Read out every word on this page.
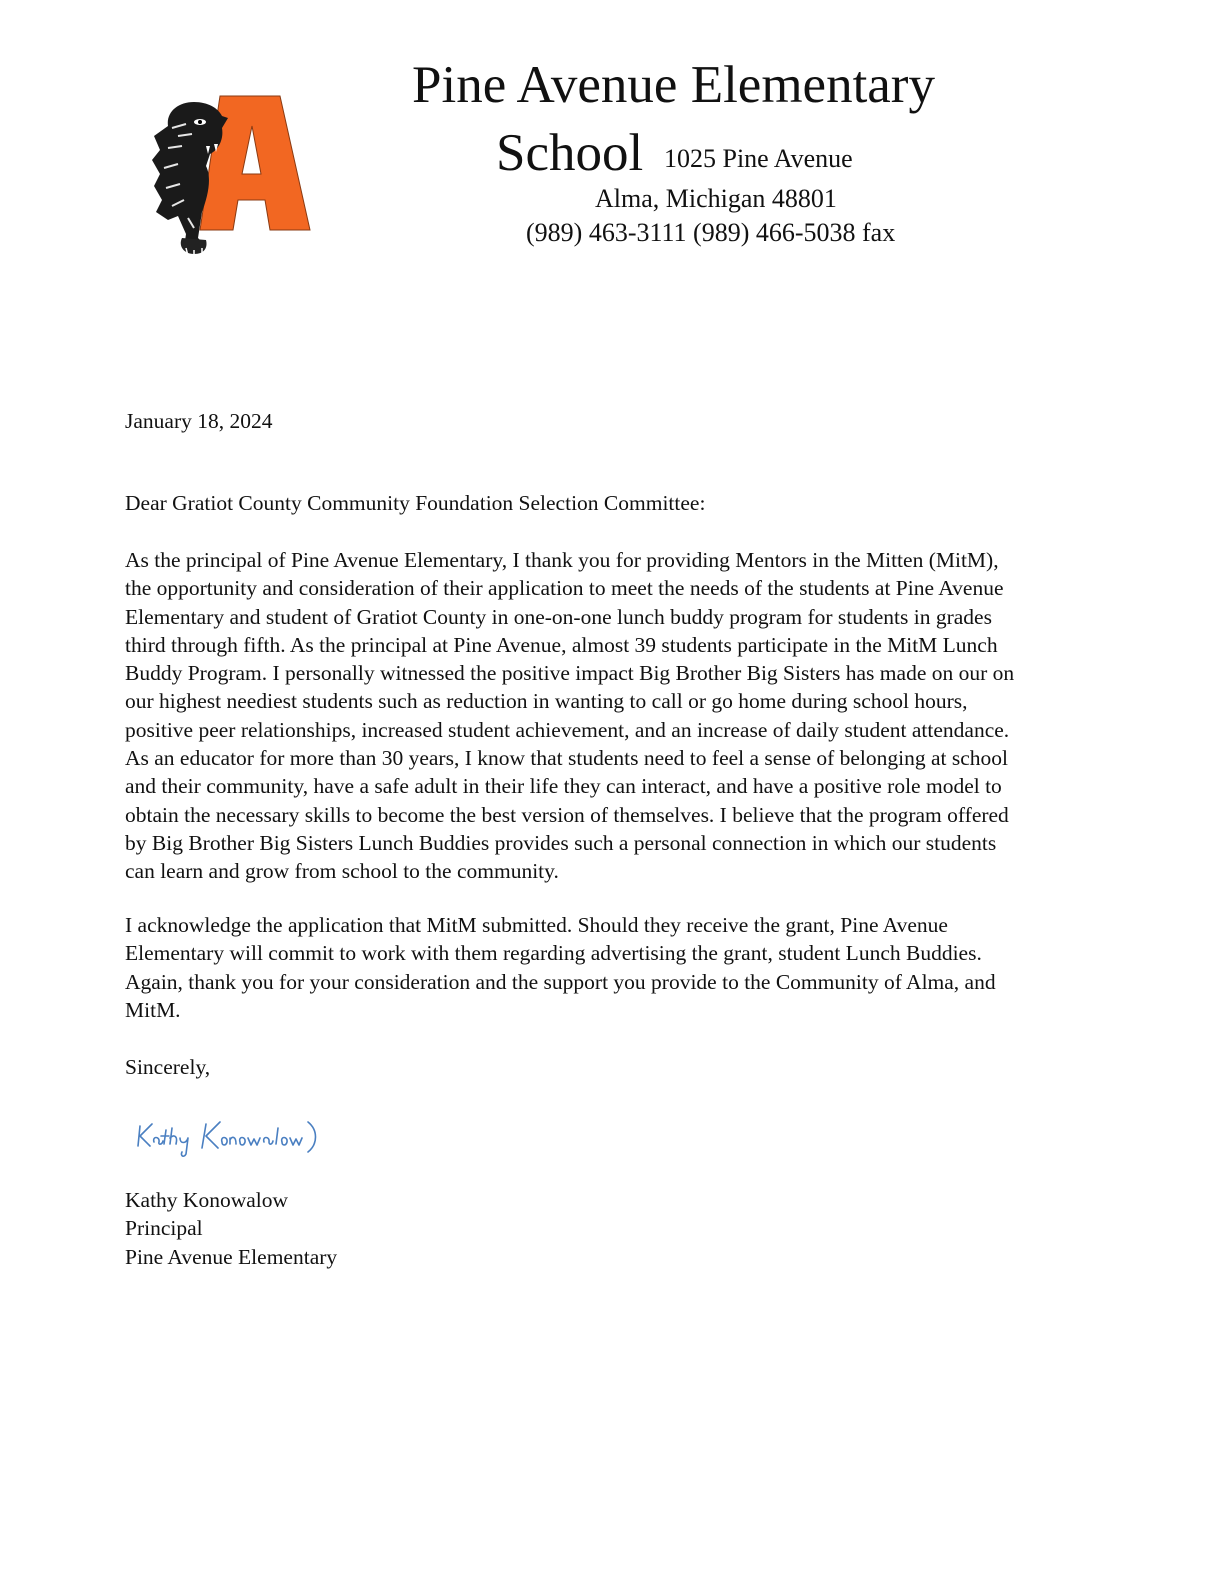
Pine Avenue Elementary
School 1025 Pine Avenue
Alma, Michigan 48801
(989) 463-3111 (989) 466-5038 fax
January 18, 2024
Dear Gratiot County Community Foundation Selection Committee:
As the principal of Pine Avenue Elementary, I thank you for providing Mentors in the Mitten (MitM),
the opportunity and consideration of their application to meet the needs of the students at Pine Avenue
Elementary and student of Gratiot County in one-on-one lunch buddy program for students in grades
third through fifth. As the principal at Pine Avenue, almost 39 students participate in the MitM Lunch
Buddy Program. I personally witnessed the positive impact Big Brother Big Sisters has made on our on
our highest neediest students such as reduction in wanting to call or go home during school hours,
positive peer relationships, increased student achievement, and an increase of daily student attendance.
As an educator for more than 30 years, I know that students need to feel a sense of belonging at school
and their community, have a safe adult in their life they can interact, and have a positive role model to
obtain the necessary skills to become the best version of themselves. I believe that the program offered
by Big Brother Big Sisters Lunch Buddies provides such a personal connection in which our students
can learn and grow from school to the community.
I acknowledge the application that MitM submitted. Should they receive the grant, Pine Avenue
Elementary will commit to work with them regarding advertising the grant, student Lunch Buddies.
Again, thank you for your consideration and the support you provide to the Community of Alma, and
MitM.
Sincerely,
Kathy Konowalow
Principal
Pine Avenue Elementary
